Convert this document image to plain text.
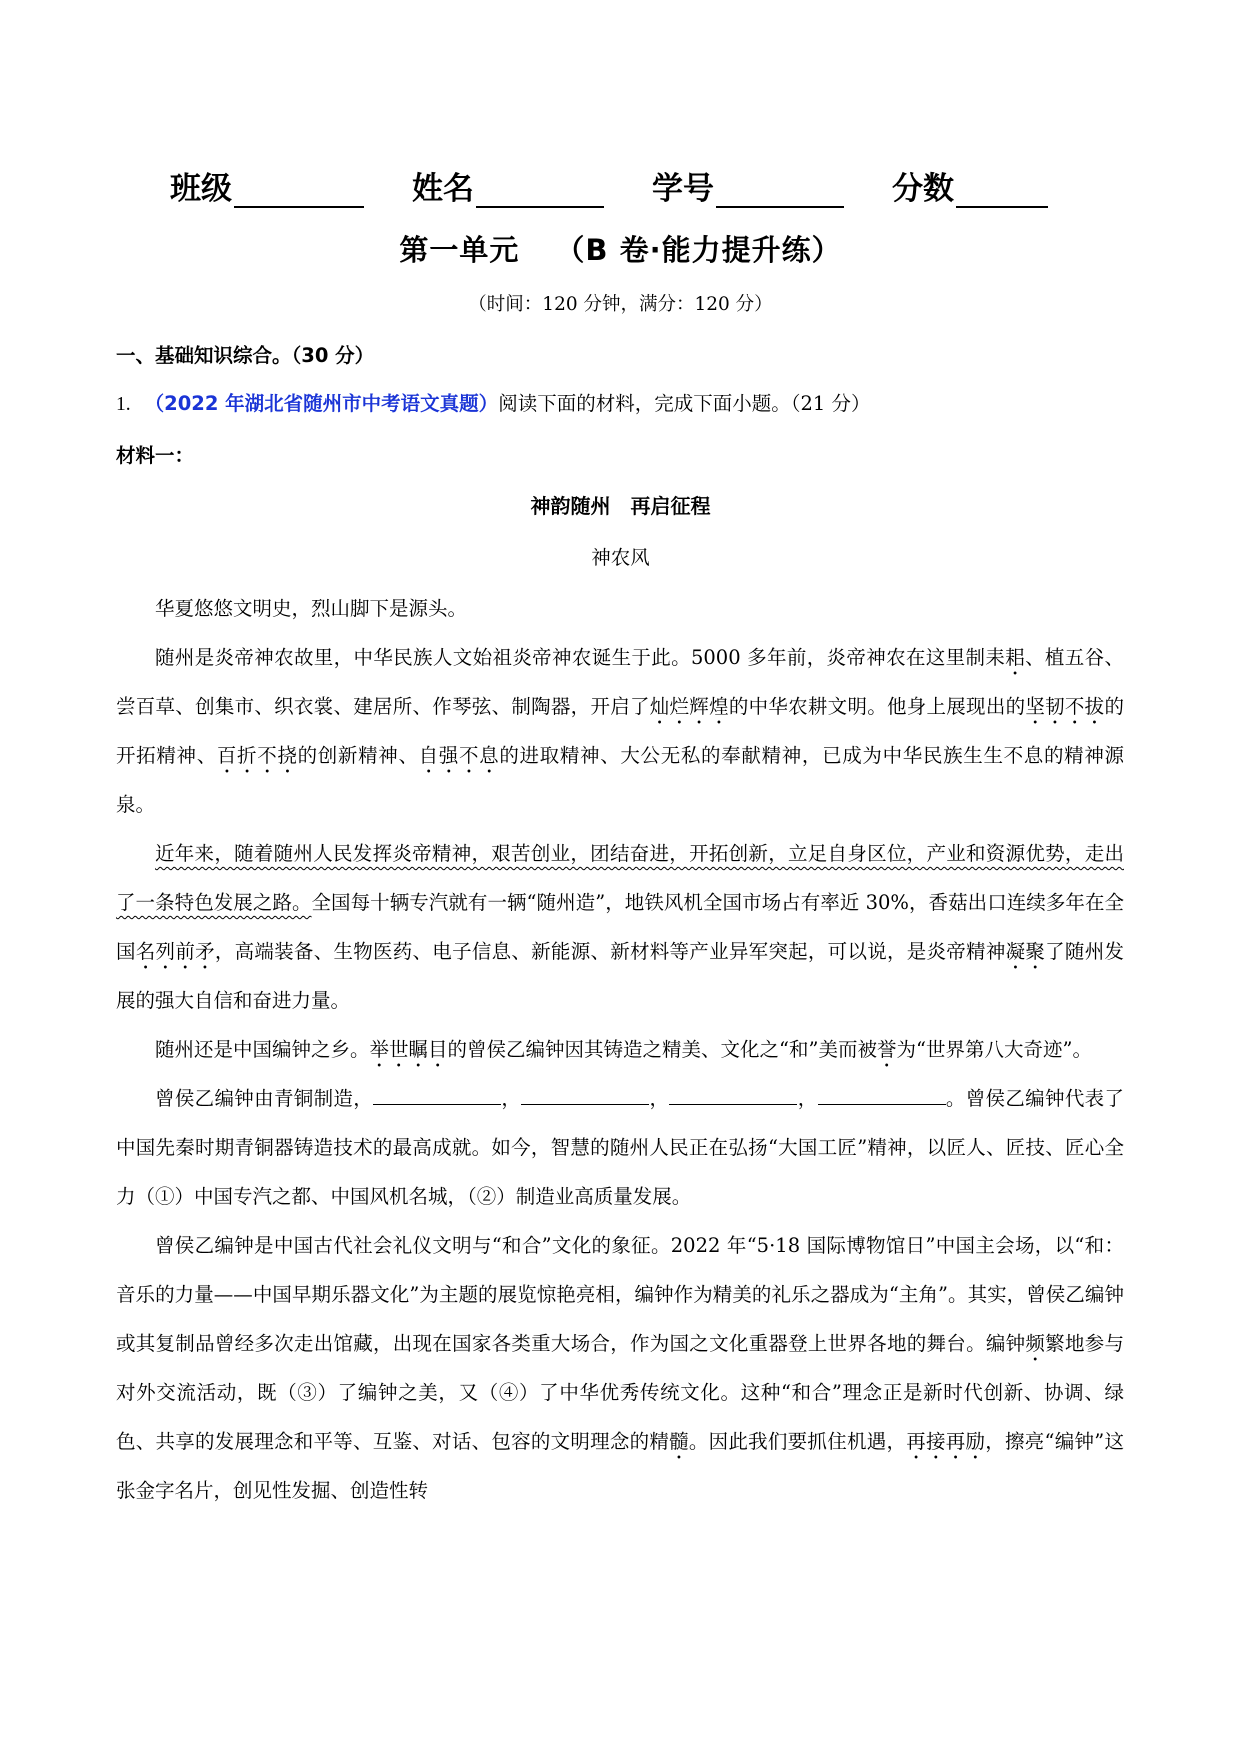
班级	姓名	学号	分数
第一单元 （B 卷·能力提升练）
（时间：120 分钟，满分：120 分）
一、基础知识综合。（30 分）
1. （2022 年湖北省随州市中考语文真题）阅读下面的材料，完成下面小题。（21 分）
材料一：
神韵随州　再启征程
神农风

华夏悠悠文明史，烈山脚下是源头。

随州是炎帝神农故里，中华民族人文始祖炎帝神农诞生于此。5000 多年前，炎帝神农在这里制耒耜、植五谷、尝百草、创集市、织衣裳、建居所、作琴弦、制陶器，开启了灿烂辉煌的中华农耕文明。他身上展现出的坚韧不拔的开拓精神、百折不挠的创新精神、自强不息的进取精神、大公无私的奉献精神，已成为中华民族生生不息的精神源泉。

近年来，随着随州人民发挥炎帝精神，艰苦创业，团结奋进，开拓创新，立足自身区位，产业和资源优势，走出了一条特色发展之路。全国每十辆专汽就有一辆“随州造”，地铁风机全国市场占有率近 30%，香菇出口连续多年在全国名列前矛，高端装备、生物医药、电子信息、新能源、新材料等产业异军突起，可以说，是炎帝精神凝聚了随州发展的强大自信和奋进力量。

随州还是中国编钟之乡。举世瞩目的曾侯乙编钟因其铸造之精美、文化之“和”美而被誉为“世界第八大奇迹”。

曾侯乙编钟由青铜制造，	，	，	，	。曾侯乙编钟代表了中国先秦时期青铜器铸造技术的最高成就。如今，智慧的随州人民正在弘扬“大国工匠”精神，以匠人、匠技、匠心全力（①）中国专汽之都、中国风机名城，（②）制造业高质量发展。

曾侯乙编钟是中国古代社会礼仪文明与“和合”文化的象征。2022 年“5·18 国际博物馆日”中国主会场，以“和：音乐的力量——中国早期乐器文化”为主题的展览惊艳亮相，编钟作为精美的礼乐之器成为“主角”。其实，曾侯乙编钟或其复制品曾经多次走出馆藏，出现在国家各类重大场合，作为国之文化重器登上世界各地的舞台。编钟频繁地参与对外交流活动，既（③）了编钟之美，又（④）了中华优秀传统文化。这种“和合”理念正是新时代创新、协调、绿色、共享的发展理念和平等、互鉴、对话、包容的文明理念的精髓。因此我们要抓住机遇，再接再励，擦亮“编钟”这张金字名片，创见性发掘、创造性转
